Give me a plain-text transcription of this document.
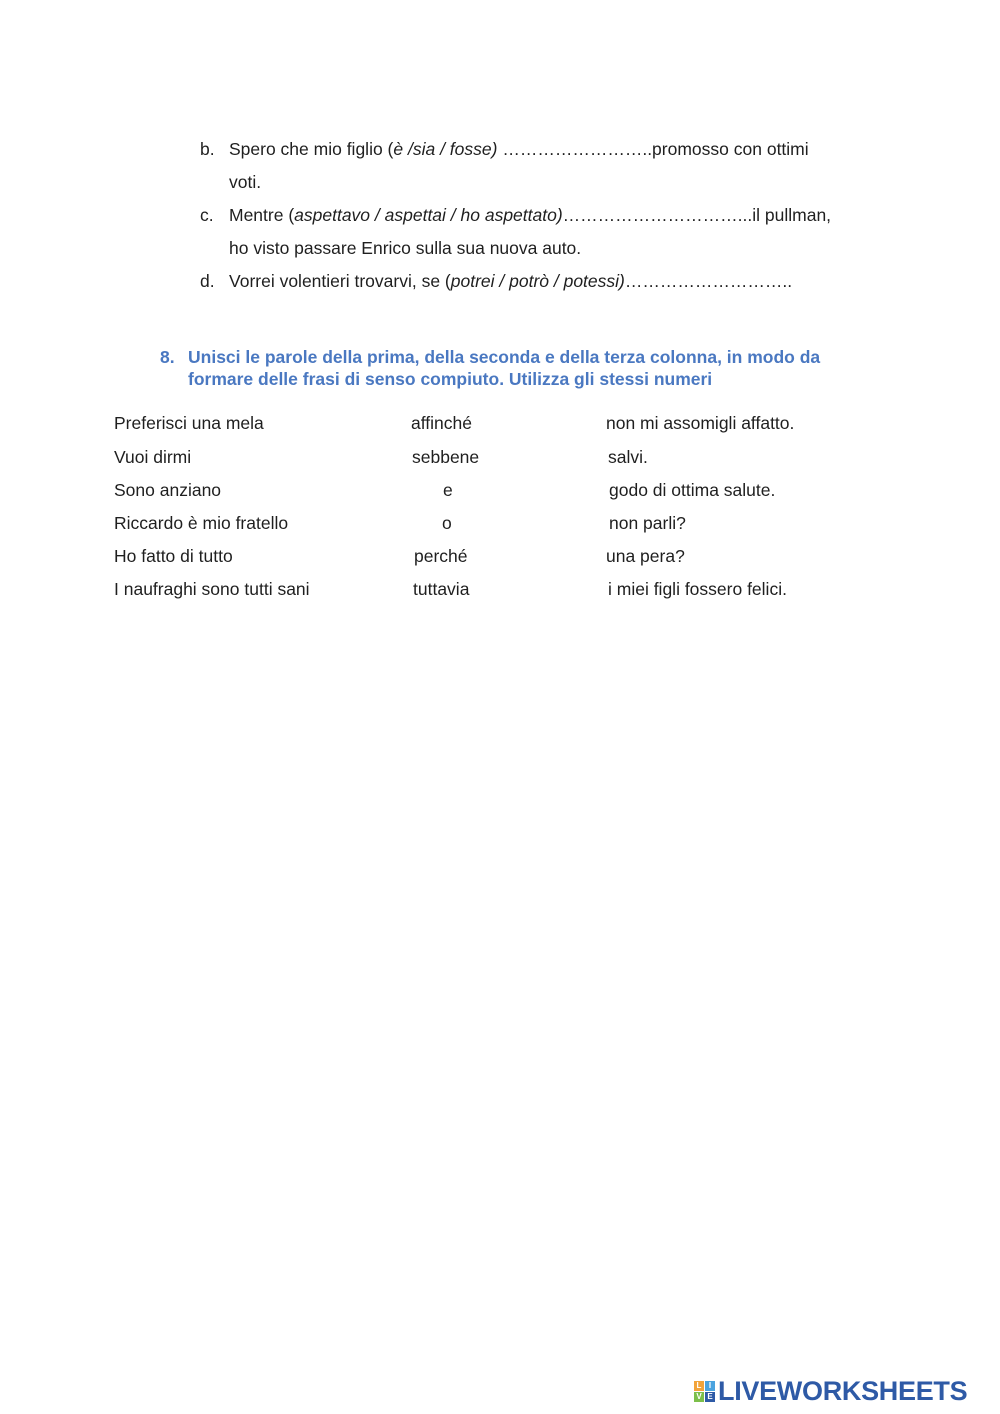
b. Spero che mio figlio (è /sia / fosse) ……………………..promosso con ottimi
voti.
c. Mentre (aspettavo / aspettai / ho aspettato)…………………………...il pullman,
ho visto passare Enrico sulla sua nuova auto.
d. Vorrei volentieri trovarvi, se (potrei / potrò / potessi)………………………..
8. Unisci le parole della prima, della seconda e della terza colonna, in modo da
formare delle frasi di senso compiuto. Utilizza gli stessi numeri
Preferisci una mela	affinché	non mi assomigli affatto.
Vuoi dirmi	sebbene	salvi.
Sono anziano	e	godo di ottima salute.
Riccardo è mio fratello	o	non parli?
Ho fatto di tutto	perché	una pera?
I naufraghi sono tutti sani	tuttavia	i miei figli fossero felici.
L I
V E LIVEWORKSHEETS
